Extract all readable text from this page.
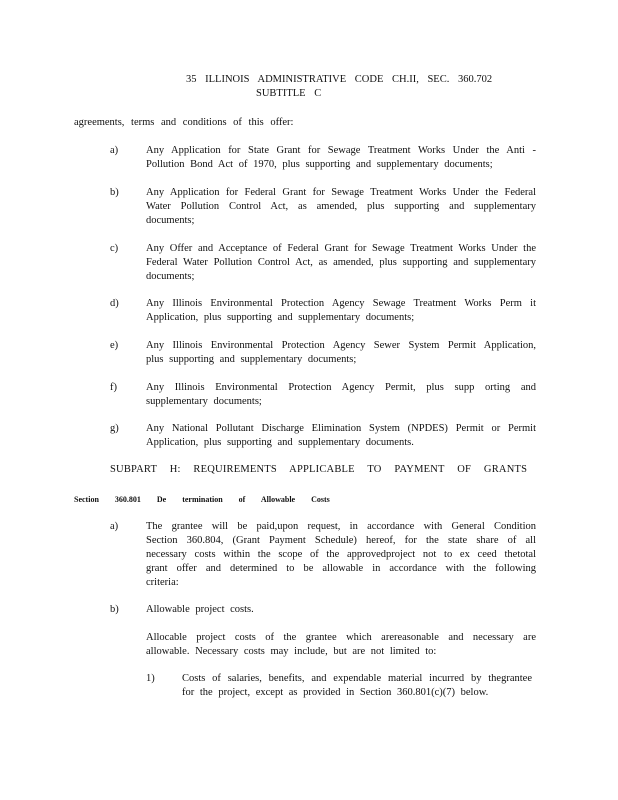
35 ILLINOIS ADMINISTRATIVE CODE CH.II, SEC. 360.702
SUBTITLE C
agreements, terms and conditions of this offer:
a)	Any Application for State Grant for Sewage Treatment Works Under the Anti - Pollution Bond Act of 1970, plus supporting and supplementary documents;
b)	Any Application for Federal Grant for Sewage Treatment Works Under the Federal Water Pollution Control Act, as amended, plus supporting and supplementary documents;
c)	Any Offer and Acceptance of Federal Grant for Sewage Treatment Works Under the Federal Water Pollution Control Act, as amended, plus supporting and supplementary documents;
d)	Any Illinois Environmental Protection Agency Sewage Treatment Works Perm it Application, plus supporting and supplementary documents;
e)	Any Illinois Environmental Protection Agency Sewer System Permit Application, plus supporting and supplementary documents;
f)	Any Illinois Environmental Protection Agency Permit, plus supp orting and supplementary documents;
g)	Any National Pollutant Discharge Elimination System (NPDES) Permit or Permit Application, plus supporting and supplementary documents.
SUBPART H: REQUIREMENTS APPLICABLE TO PAYMENT OF GRANTS
Section 360.801 De termination of Allowable Costs
a)	The grantee will be paid,upon request, in accordance with General Condition Section 360.804, (Grant Payment Schedule) hereof, for the state share of all necessary costs within the scope of the approvedproject not to ex ceed thetotal grant offer and determined to be allowable in accordance with the following criteria:
b)	Allowable project costs.
Allocable project costs of the grantee which arereasonable and necessary are allowable. Necessary costs may include, but are not limited to:
1)	Costs of salaries, benefits, and expendable material incurred by thegrantee for the project, except as provided in Section 360.801(c)(7) below.
